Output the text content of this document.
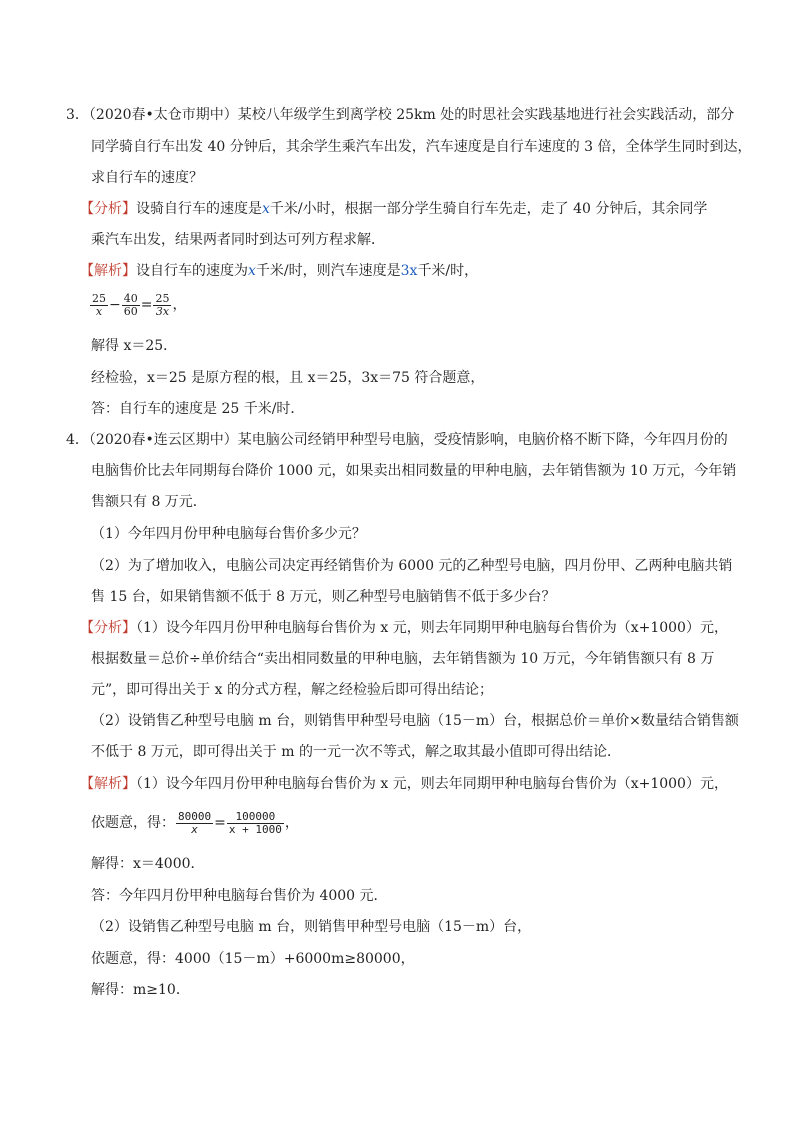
3．（2020春•太仓市期中）某校八年级学生到离学校 25km 处的时思社会实践基地进行社会实践活动，部分
同学骑自行车出发 40 分钟后，其余学生乘汽车出发，汽车速度是自行车速度的 3 倍，全体学生同时到达，
求自行车的速度？
【分析】设骑自行车的速度是x千米/小时，根据一部分学生骑自行车先走，走了 40 分钟后，其余同学
乘汽车出发，结果两者同时到达可列方程求解．
【解析】设自行车的速度为x千米/时，则汽车速度是3x千米/时，
$\frac{25}{x} - \frac{40}{60} = \frac{25}{3x}$ ，
解得 x＝25．
经检验，x＝25 是原方程的根，且 x＝25，3x＝75 符合题意，
答：自行车的速度是 25 千米/时．
4．（2020春•连云区期中）某电脑公司经销甲种型号电脑，受疫情影响，电脑价格不断下降，今年四月份的
电脑售价比去年同期每台降价 1000 元，如果卖出相同数量的甲种电脑，去年销售额为 10 万元，今年销
售额只有 8 万元．
（1）今年四月份甲种电脑每台售价多少元？
（2）为了增加收入，电脑公司决定再经销售价为 6000 元的乙种型号电脑，四月份甲、乙两种电脑共销
售 15 台，如果销售额不低于 8 万元，则乙种型号电脑销售不低于多少台？
【分析】（1）设今年四月份甲种电脑每台售价为 x 元，则去年同期甲种电脑每台售价为（x+1000）元，
根据数量＝总价÷单价结合“卖出相同数量的甲种电脑，去年销售额为 10 万元，今年销售额只有 8 万
元”，即可得出关于 x 的分式方程，解之经检验后即可得出结论；
（2）设销售乙种型号电脑 m 台，则销售甲种型号电脑（15－m）台，根据总价＝单价×数量结合销售额
不低于 8 万元，即可得出关于 m 的一元一次不等式，解之取其最小值即可得出结论．
【解析】（1）设今年四月份甲种电脑每台售价为 x 元，则去年同期甲种电脑每台售价为（x+1000）元，
依题意，得： $\frac{80000}{x} = \frac{100000}{x + 1000}$ ，
解得：x＝4000．
答：今年四月份甲种电脑每台售价为 4000 元．
（2）设销售乙种型号电脑 m 台，则销售甲种型号电脑（15－m）台，
依题意，得：4000（15－m）+6000m≥80000，
解得：m≥10．
